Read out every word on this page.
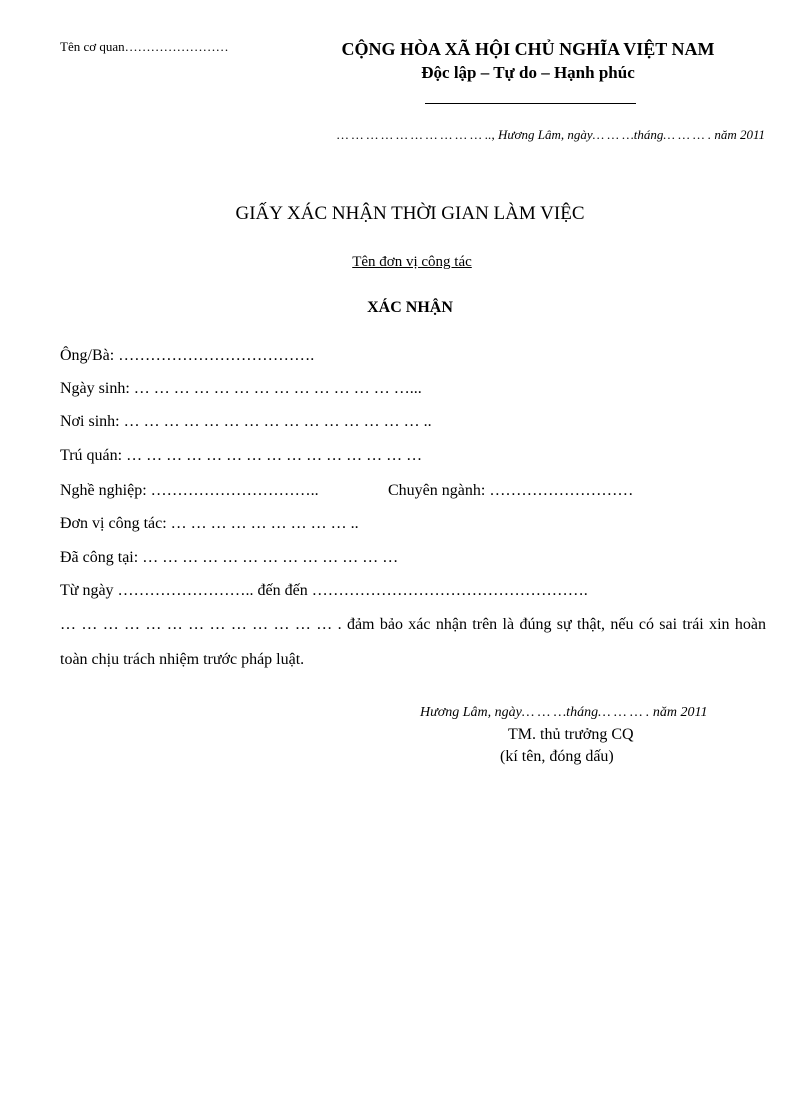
Tên cơ quan……………………	CỘNG HÒA XÃ HỘI CHỦ NGHĨA VIỆT NAM
Độc lập – Tự do – Hạnh phúc
… … … … … … … … … … .., Hương Lâm, ngày… … …tháng… … … . năm 2011
GIẤY XÁC NHẬN THỜI GIAN LÀM VIỆC
Tên đơn vị công tác
XÁC NHẬN
Ông/Bà: ……………………………….
Ngày sinh: … … … … … … … … … … … … … …...
Nơi sinh: … … … … … … … … … … … … … … … ..
Trú quán: … … … … … … … … … … … … … … …
Nghề nghiệp: …………………………..	Chuyên ngành: ………………………
Đơn vị công tác: … … … … … … … … … ..
Đã công tại: … … … … … … … … … … … … …
Từ ngày …………………….. đến đến …………………………………………….
… … … … … … … … … … … … … . đảm bảo xác nhận trên là đúng sự thật, nếu có sai trái xin hoàn
toàn chịu trách nhiệm trước pháp luật.
Hương Lâm, ngày… … …tháng… … … . năm 2011
TM. thủ trưởng CQ
(kí tên, đóng dấu)
